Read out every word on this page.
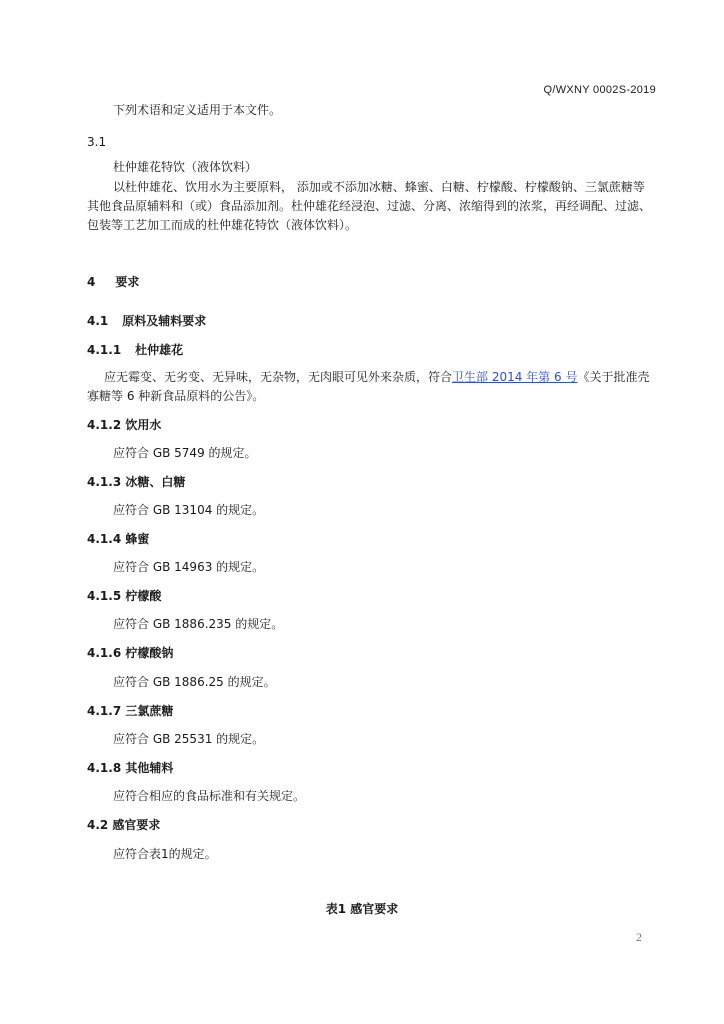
Q/WXNY 0002S-2019
下列术语和定义适用于本文件。
3.1
杜仲雄花特饮（液体饮料）
以杜仲雄花、饮用水为主要原料， 添加或不添加冰糖、蜂蜜、白糖、柠檬酸、柠檬酸钠、三氯蔗糖等
其他食品原辅料和（或）食品添加剂。杜仲雄花经浸泡、过滤、分离、浓缩得到的浓浆，再经调配、过滤、
包装等工艺加工而成的杜仲雄花特饮（液体饮料）。
4 要求
4.1 原料及辅料要求
4.1.1 杜仲雄花
应无霉变、无劣变、无异味，无杂物，无肉眼可见外来杂质，符合卫生部 2014 年第 6 号《关于批准壳
寡糖等 6 种新食品原料的公告》。
4.1.2 饮用水
应符合 GB 5749 的规定。
4.1.3 冰糖、白糖
应符合 GB 13104 的规定。
4.1.4 蜂蜜
应符合 GB 14963 的规定。
4.1.5 柠檬酸
应符合 GB 1886.235 的规定。
4.1.6 柠檬酸钠
应符合 GB 1886.25 的规定。
4.1.7 三氯蔗糖
应符合 GB 25531 的规定。
4.1.8 其他辅料
应符合相应的食品标准和有关规定。
4.2 感官要求
应符合表1的规定。
表1 感官要求
2
